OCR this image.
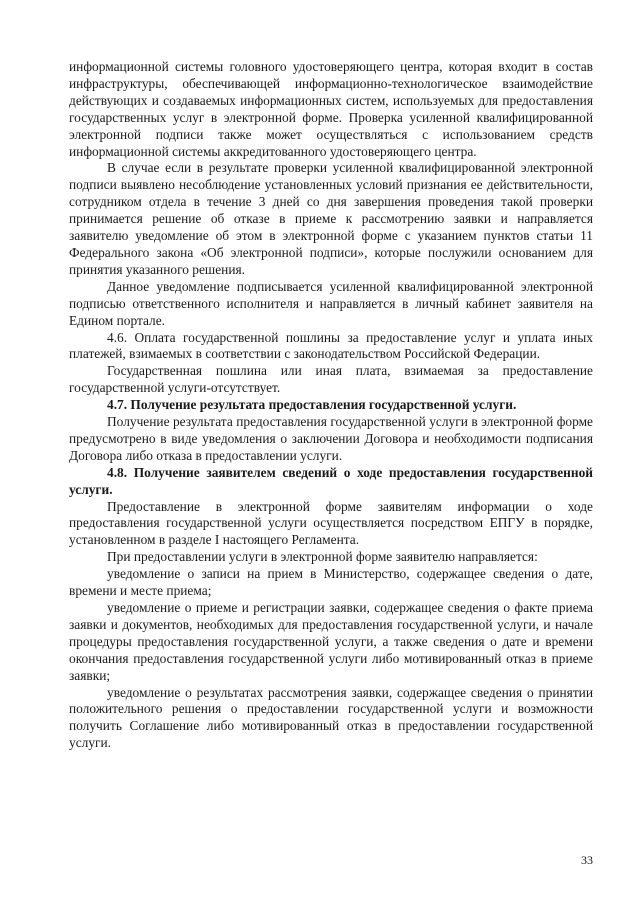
информационной системы головного удостоверяющего центра, которая входит в состав инфраструктуры, обеспечивающей информационно-технологическое взаимодействие действующих и создаваемых информационных систем, используемых для предоставления государственных услуг в электронной форме. Проверка усиленной квалифицированной электронной подписи также может осуществляться с использованием средств информационной системы аккредитованного удостоверяющего центра.

В случае если в результате проверки усиленной квалифицированной электронной подписи выявлено несоблюдение установленных условий признания ее действительности, сотрудником отдела в течение 3 дней со дня завершения проведения такой проверки принимается решение об отказе в приеме к рассмотрению заявки и направляется заявителю уведомление об этом в электронной форме с указанием пунктов статьи 11 Федерального закона «Об электронной подписи», которые послужили основанием для принятия указанного решения.

Данное уведомление подписывается усиленной квалифицированной электронной подписью ответственного исполнителя и направляется в личный кабинет заявителя на Едином портале.

4.6. Оплата государственной пошлины за предоставление услуг и уплата иных платежей, взимаемых в соответствии с законодательством Российской Федерации.

Государственная пошлина или иная плата, взимаемая за предоставление государственной услуги-отсутствует.

4.7. Получение результата предоставления государственной услуги.

Получение результата предоставления государственной услуги в электронной форме предусмотрено в виде уведомления о заключении Договора и необходимости подписания Договора либо отказа в предоставлении услуги.

4.8. Получение заявителем сведений о ходе предоставления государственной услуги.

Предоставление в электронной форме заявителям информации о ходе предоставления государственной услуги осуществляется посредством ЕПГУ в порядке, установленном в разделе I настоящего Регламента.

При предоставлении услуги в электронной форме заявителю направляется:

уведомление о записи на прием в Министерство, содержащее сведения о дате, времени и месте приема;

уведомление о приеме и регистрации заявки, содержащее сведения о факте приема заявки и документов, необходимых для предоставления государственной услуги, и начале процедуры предоставления государственной услуги, а также сведения о дате и времени окончания предоставления государственной услуги либо мотивированный отказ в приеме заявки;

уведомление о результатах рассмотрения заявки, содержащее сведения о принятии положительного решения о предоставлении государственной услуги и возможности получить Соглашение либо мотивированный отказ в предоставлении государственной услуги.

33
